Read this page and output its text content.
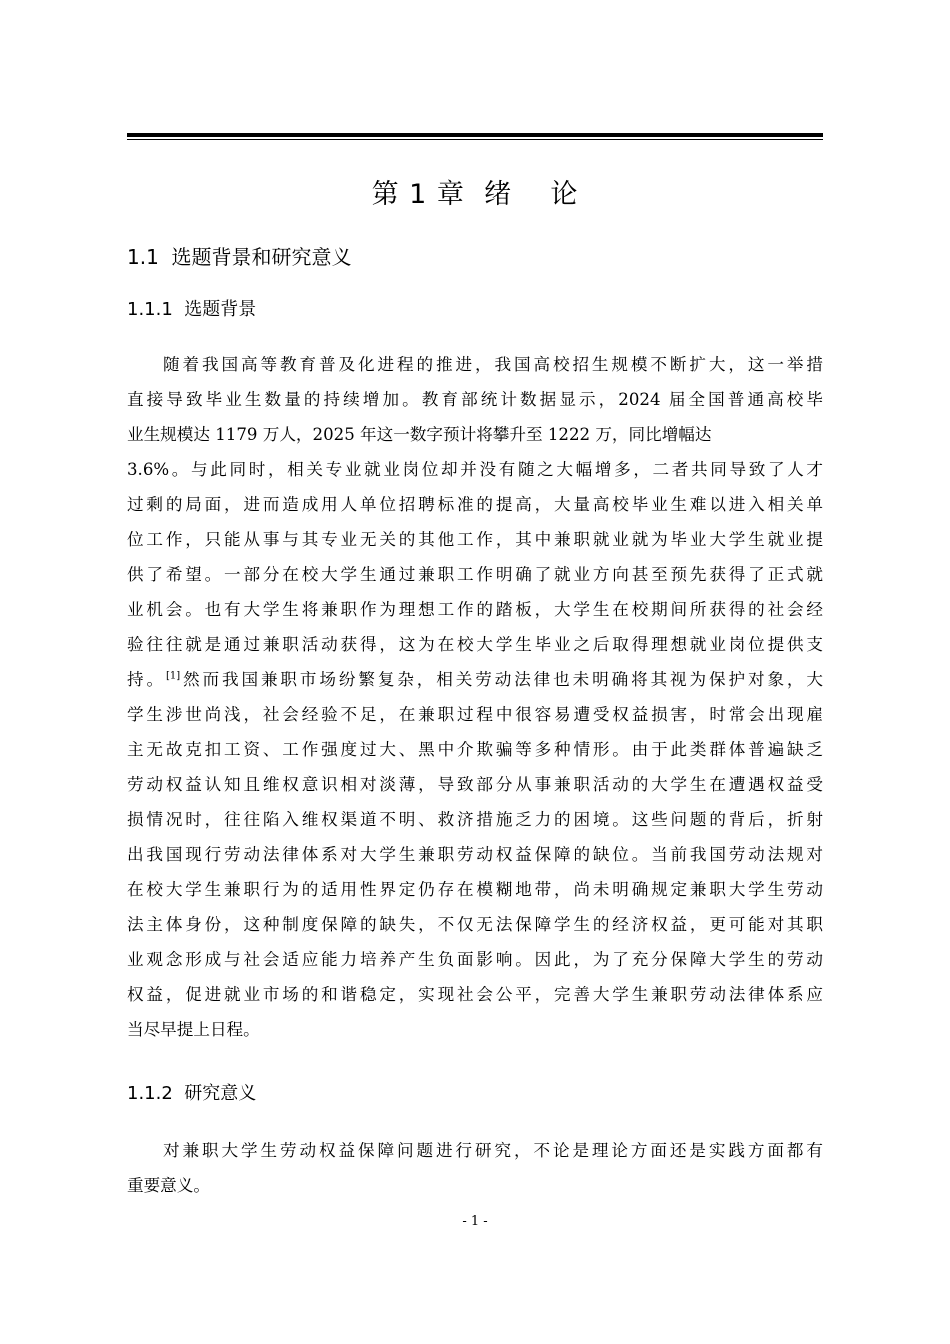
第 1 章  绪    论
1.1  选题背景和研究意义
1.1.1  选题背景
随着我国高等教育普及化进程的推进，我国高校招生规模不断扩大，这一举措
直接导致毕业生数量的持续增加。教育部统计数据显示，2024 届全国普通高校毕
业生规模达 1179 万人，2025 年这一数字预计将攀升至 1222 万，同比增幅达
3.6%。与此同时，相关专业就业岗位却并没有随之大幅增多，二者共同导致了人才
过剩的局面，进而造成用人单位招聘标准的提高，大量高校毕业生难以进入相关单
位工作，只能从事与其专业无关的其他工作，其中兼职就业就为毕业大学生就业提
供了希望。一部分在校大学生通过兼职工作明确了就业方向甚至预先获得了正式就
业机会。也有大学生将兼职作为理想工作的踏板，大学生在校期间所获得的社会经
验往往就是通过兼职活动获得，这为在校大学生毕业之后取得理想就业岗位提供支
持。[1]然而我国兼职市场纷繁复杂，相关劳动法律也未明确将其视为保护对象，大
学生涉世尚浅，社会经验不足，在兼职过程中很容易遭受权益损害，时常会出现雇
主无故克扣工资、工作强度过大、黑中介欺骗等多种情形。由于此类群体普遍缺乏
劳动权益认知且维权意识相对淡薄，导致部分从事兼职活动的大学生在遭遇权益受
损情况时，往往陷入维权渠道不明、救济措施乏力的困境。这些问题的背后，折射
出我国现行劳动法律体系对大学生兼职劳动权益保障的缺位。当前我国劳动法规对
在校大学生兼职行为的适用性界定仍存在模糊地带，尚未明确规定兼职大学生劳动
法主体身份，这种制度保障的缺失，不仅无法保障学生的经济权益，更可能对其职
业观念形成与社会适应能力培养产生负面影响。因此，为了充分保障大学生的劳动
权益，促进就业市场的和谐稳定，实现社会公平，完善大学生兼职劳动法律体系应
当尽早提上日程。
1.1.2  研究意义
对兼职大学生劳动权益保障问题进行研究，不论是理论方面还是实践方面都有
重要意义。
- 1 -
